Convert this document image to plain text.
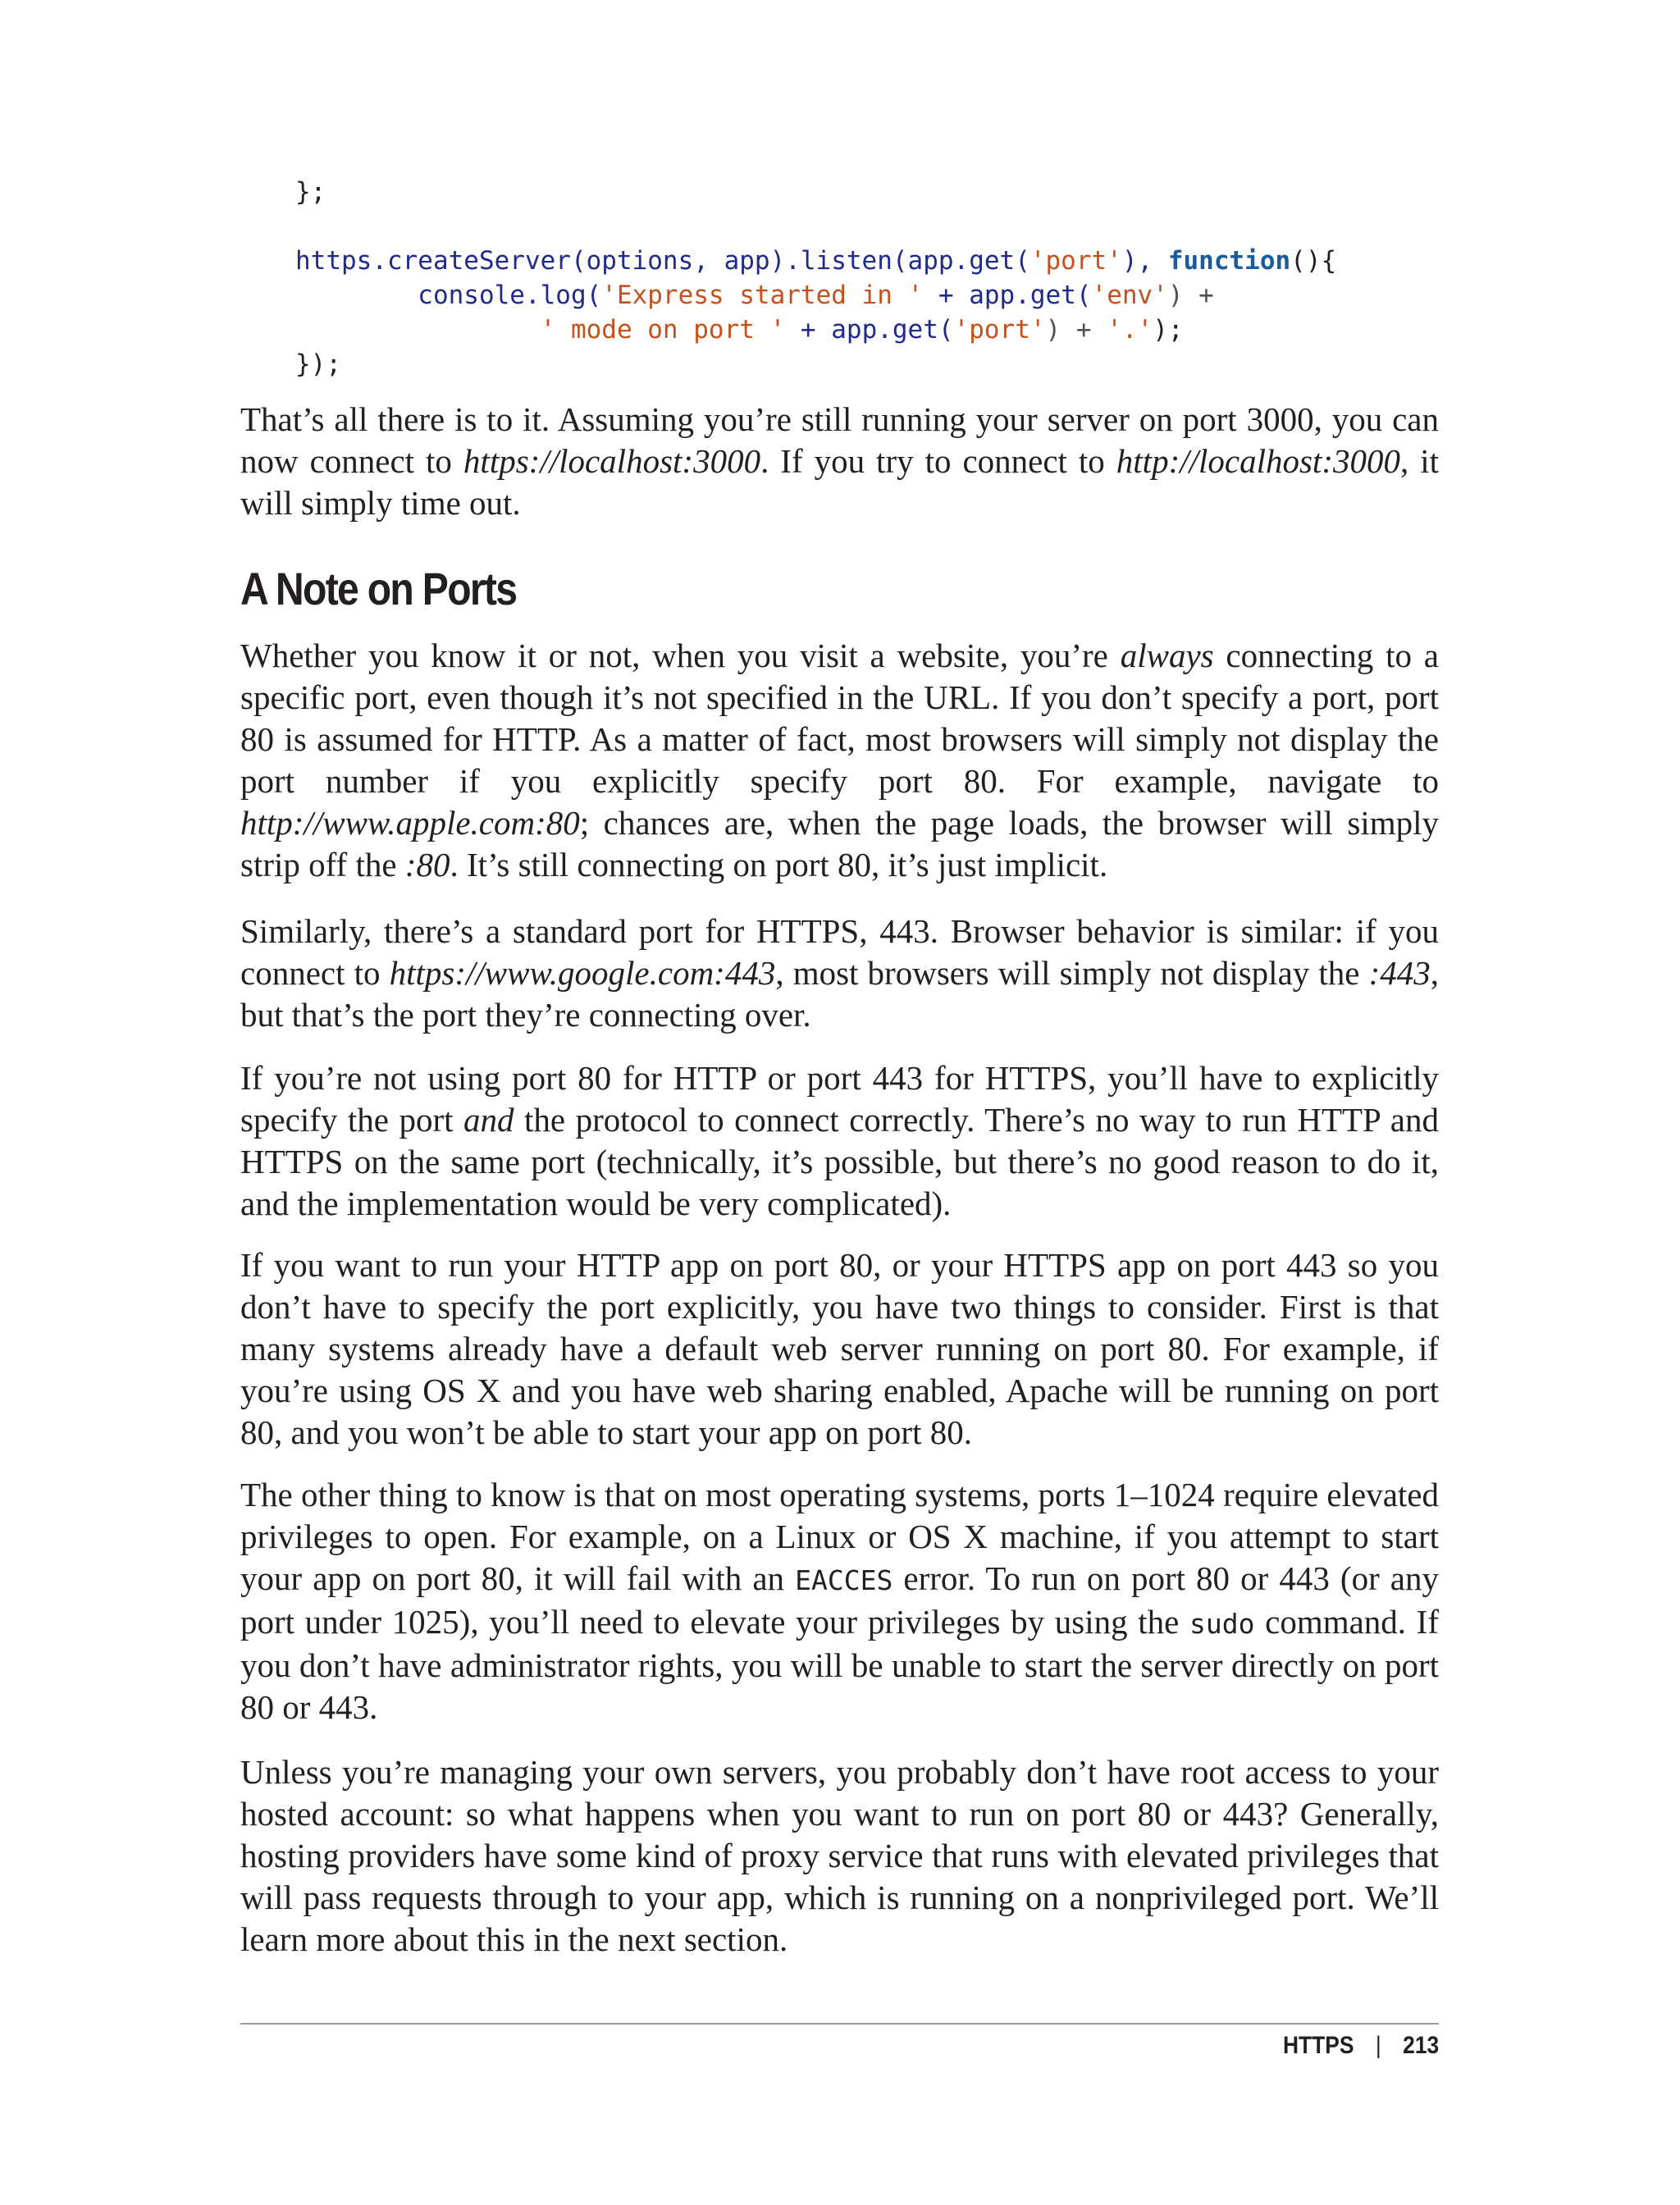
};
https.createServer(options, app).listen(app.get('port'), function(){
console.log('Express started in ' + app.get('env') +
' mode on port ' + app.get('port') + '.');
});

That’s all there is to it. Assuming you’re still running your server on port 3000, you can now connect to https://localhost:3000. If you try to connect to http://localhost:3000, it will simply time out.

A Note on Ports

Whether you know it or not, when you visit a website, you’re always connecting to a specific port, even though it’s not specified in the URL. If you don’t specify a port, port 80 is assumed for HTTP. As a matter of fact, most browsers will simply not display the port number if you explicitly specify port 80. For example, navigate to http://www.apple.com:80; chances are, when the page loads, the browser will simply strip off the :80. It’s still connecting on port 80, it’s just implicit.

Similarly, there’s a standard port for HTTPS, 443. Browser behavior is similar: if you connect to https://www.google.com:443, most browsers will simply not display the :443, but that’s the port they’re connecting over.

If you’re not using port 80 for HTTP or port 443 for HTTPS, you’ll have to explicitly specify the port and the protocol to connect correctly. There’s no way to run HTTP and HTTPS on the same port (technically, it’s possible, but there’s no good reason to do it, and the implementation would be very complicated).

If you want to run your HTTP app on port 80, or your HTTPS app on port 443 so you don’t have to specify the port explicitly, you have two things to consider. First is that many systems already have a default web server running on port 80. For example, if you’re using OS X and you have web sharing enabled, Apache will be running on port 80, and you won’t be able to start your app on port 80.

The other thing to know is that on most operating systems, ports 1–1024 require elevated privileges to open. For example, on a Linux or OS X machine, if you attempt to start your app on port 80, it will fail with an EACCES error. To run on port 80 or 443 (or any port under 1025), you’ll need to elevate your privileges by using the sudo command. If you don’t have administrator rights, you will be unable to start the server directly on port 80 or 443.

Unless you’re managing your own servers, you probably don’t have root access to your hosted account: so what happens when you want to run on port 80 or 443? Generally, hosting providers have some kind of proxy service that runs with elevated privileges that will pass requests through to your app, which is running on a nonprivileged port. We’ll learn more about this in the next section.

HTTPS | 213
